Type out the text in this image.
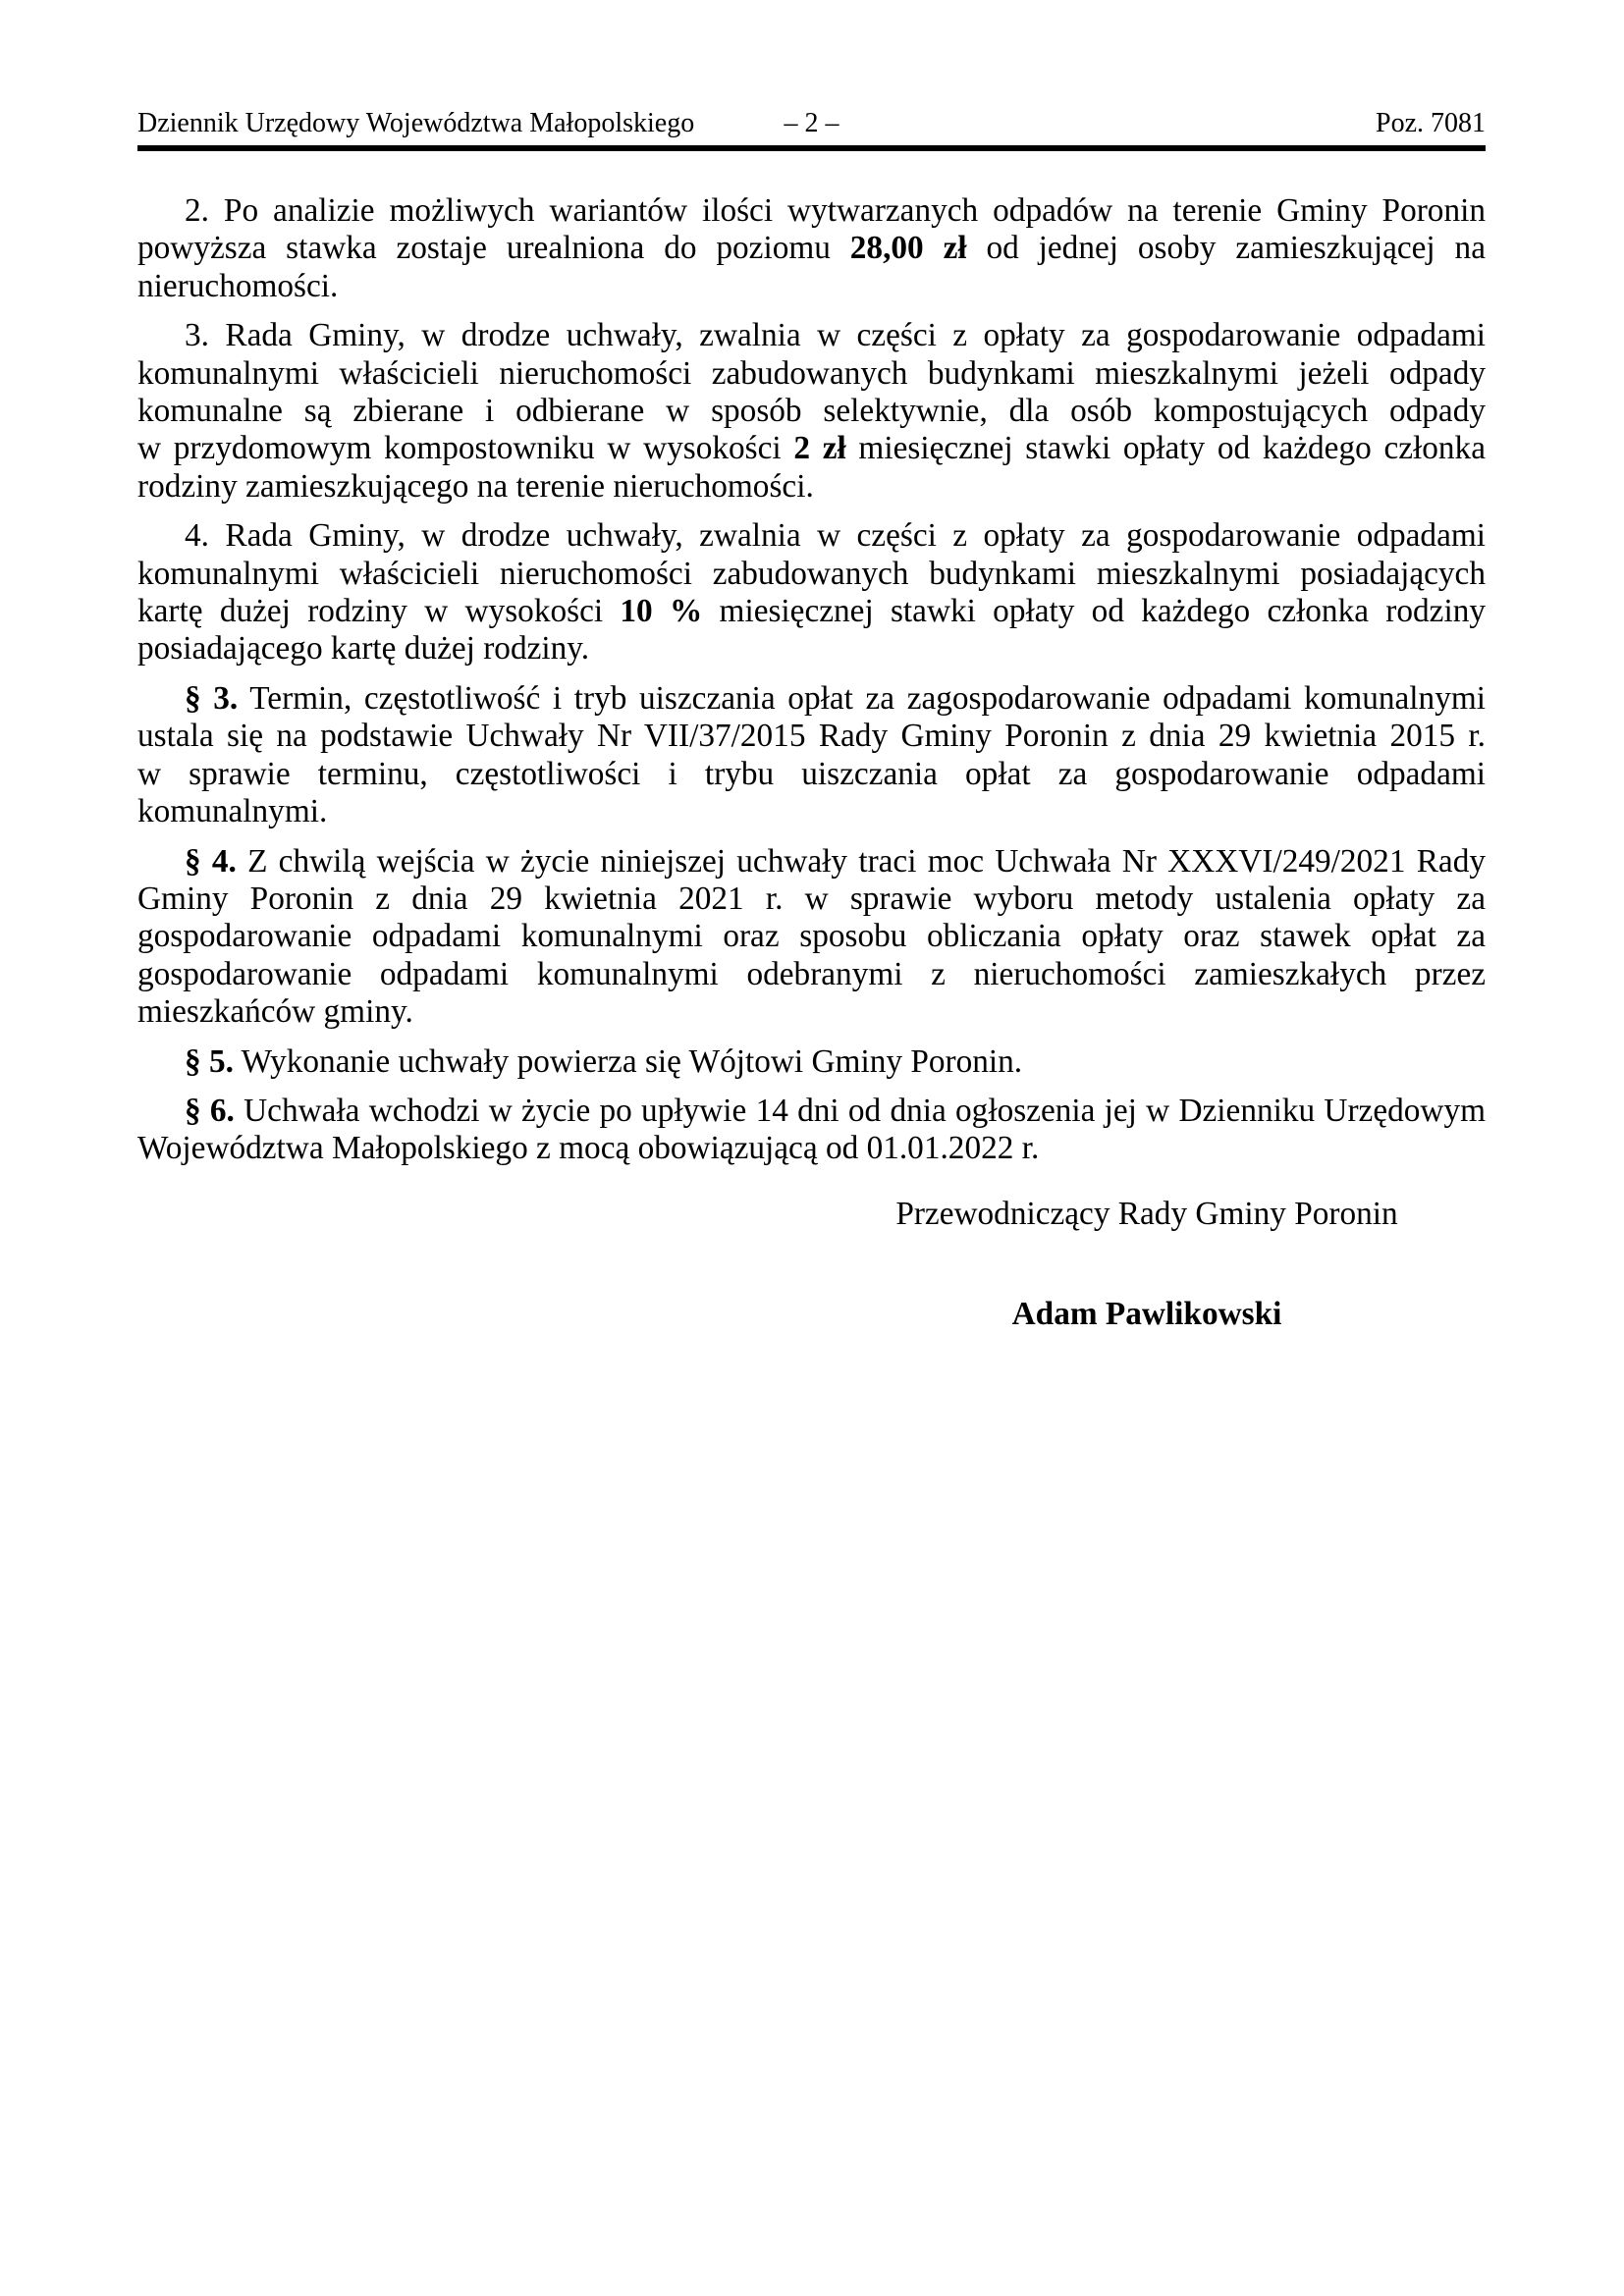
– 2 –
Dziennik Urzędowy Województwa Małopolskiego	Poz. 7081

2. Po analizie możliwych wariantów ilości wytwarzanych odpadów na terenie Gminy Poronin powyższa stawka zostaje urealniona do poziomu 28,00 zł od jednej osoby zamieszkującej na nieruchomości.

3. Rada Gminy, w drodze uchwały, zwalnia w części z opłaty za gospodarowanie odpadami komunalnymi właścicieli nieruchomości zabudowanych budynkami mieszkalnymi jeżeli odpady komunalne są zbierane i odbierane w sposób selektywnie, dla osób kompostujących odpady w przydomowym kompostowniku w wysokości 2 zł miesięcznej stawki opłaty od każdego członka rodziny zamieszkującego na terenie nieruchomości.

4. Rada Gminy, w drodze uchwały, zwalnia w części z opłaty za gospodarowanie odpadami komunalnymi właścicieli nieruchomości zabudowanych budynkami mieszkalnymi posiadających kartę dużej rodziny w wysokości 10 % miesięcznej stawki opłaty od każdego członka rodziny posiadającego kartę dużej rodziny.

§ 3. Termin, częstotliwość i tryb uiszczania opłat za zagospodarowanie odpadami komunalnymi ustala się na podstawie Uchwały Nr VII/37/2015 Rady Gminy Poronin z dnia 29 kwietnia 2015 r. w sprawie terminu, częstotliwości i trybu uiszczania opłat za gospodarowanie odpadami komunalnymi.

§ 4. Z chwilą wejścia w życie niniejszej uchwały traci moc Uchwała Nr XXXVI/249/2021 Rady Gminy Poronin z dnia 29 kwietnia 2021 r. w sprawie wyboru metody ustalenia opłaty za gospodarowanie odpadami komunalnymi oraz sposobu obliczania opłaty oraz stawek opłat za gospodarowanie odpadami komunalnymi odebranymi z nieruchomości zamieszkałych przez mieszkańców gminy.

§ 5. Wykonanie uchwały powierza się Wójtowi Gminy Poronin.

§ 6. Uchwała wchodzi w życie po upływie 14 dni od dnia ogłoszenia jej w Dzienniku Urzędowym Województwa Małopolskiego z mocą obowiązującą od 01.01.2022 r.

Przewodniczący Rady Gminy Poronin

Adam Pawlikowski
